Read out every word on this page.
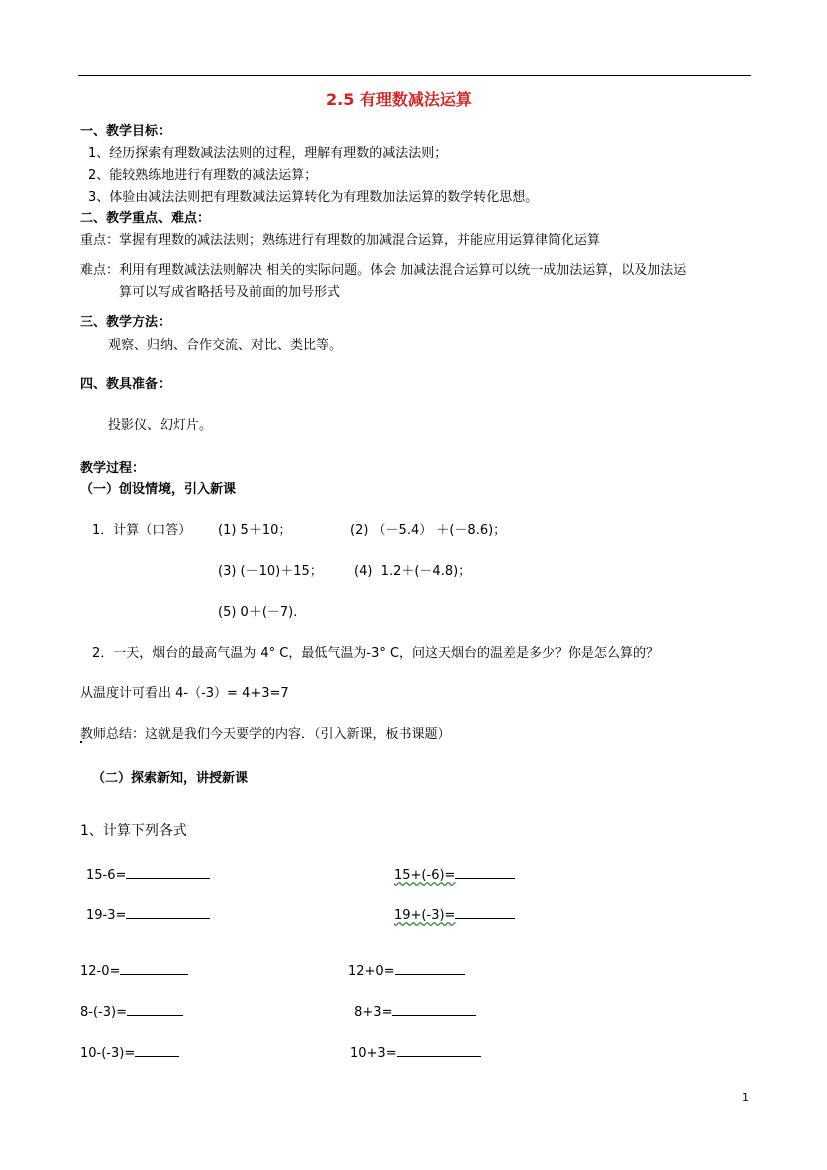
2.5 有理数减法运算
一、教学目标：
1、经历探索有理数减法法则的过程，理解有理数的减法法则；
2、能较熟练地进行有理数的减法运算；
3、体验由减法法则把有理数减法运算转化为有理数加法运算的数学转化思想。
二、教学重点、难点：
重点：掌握有理数的减法法则；熟练进行有理数的加减混合运算，并能应用运算律简化运算
难点：利用有理数减法法则解决 相关的实际问题。体会 加减法混合运算可以统一成加法运算，以及加法运
算可以写成省略括号及前面的加号形式
三、教学方法：
观察、归纳、合作交流、对比、类比等。
四、教具准备：
投影仪、幻灯片。
教学过程：
（一）创设情境，引入新课
1．计算（口答） (1) 5＋10；	(2) （－5.4） ＋(－8.6)；
(3) (－10)＋15； (4)  1.2＋(－4.8)；
(5) 0＋(－7).
2．一天，烟台的最高气温为 4° C，最低气温为-3° C，问这天烟台的温差是多少？你是怎么算的？
从温度计可看出 4-（-3）= 4+3=7
教师总结：这就是我们今天要学的内容．（引入新课，板书课题）
（二）探索新知，讲授新课
1、计算下列各式
15-6=	15+(-6)=
19-3=	19+(-3)=
12-0=	12+0=
8-(-3)=	8+3=
10-(-3)=	10+3=
1
